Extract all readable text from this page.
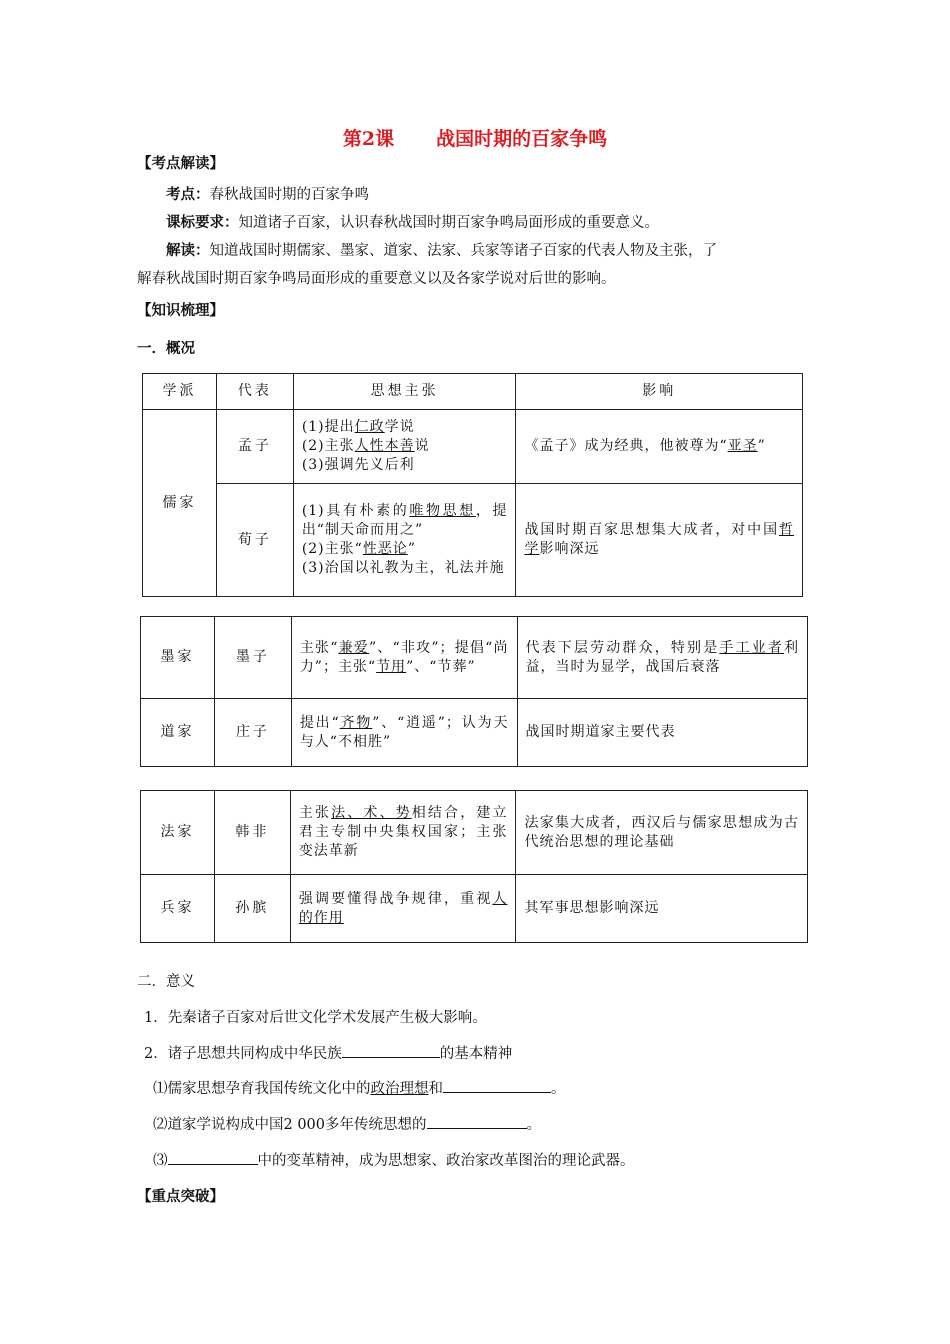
第2课 战国时期的百家争鸣
【考点解读】
考点：春秋战国时期的百家争鸣
课标要求：知道诸子百家，认识春秋战国时期百家争鸣局面形成的重要意义。
解读：知道战国时期儒家、墨家、道家、法家、兵家等诸子百家的代表人物及主张，了
解春秋战国时期百家争鸣局面形成的重要意义以及各家学说对后世的影响。
【知识梳理】
一．概况
学派	代表	思想主张	影响
儒家	孟子	(1)提出仁政学说
(2)主张人性本善说
(3)强调先义后利	《孟子》成为经典，他被尊为“亚圣”
	荀子	(1)具有朴素的唯物思想，提出“制天命而用之”
(2)主张“性恶论”
(3)治国以礼教为主，礼法并施	战国时期百家思想集大成者，对中国哲学影响深远
墨家	墨子	主张“兼爱”、“非攻”；提倡“尚力”；主张“节用”、“节葬”	代表下层劳动群众，特别是手工业者利益，当时为显学，战国后衰落
道家	庄子	提出“齐物”、“逍遥”；认为天与人“不相胜”	战国时期道家主要代表
法家	韩非	主张法、术、势相结合，建立君主专制中央集权国家；主张变法革新	法家集大成者，西汉后与儒家思想成为古代统治思想的理论基础
兵家	孙膑	强调要懂得战争规律，重视人的作用	其军事思想影响深远
二．意义
1．先秦诸子百家对后世文化学术发展产生极大影响。
2．诸子思想共同构成中华民族	的基本精神
⑴儒家思想孕育我国传统文化中的政治理想和	。
⑵道家学说构成中国2 000多年传统思想的	。
⑶	中的变革精神，成为思想家、政治家改革图治的理论武器。
【重点突破】
